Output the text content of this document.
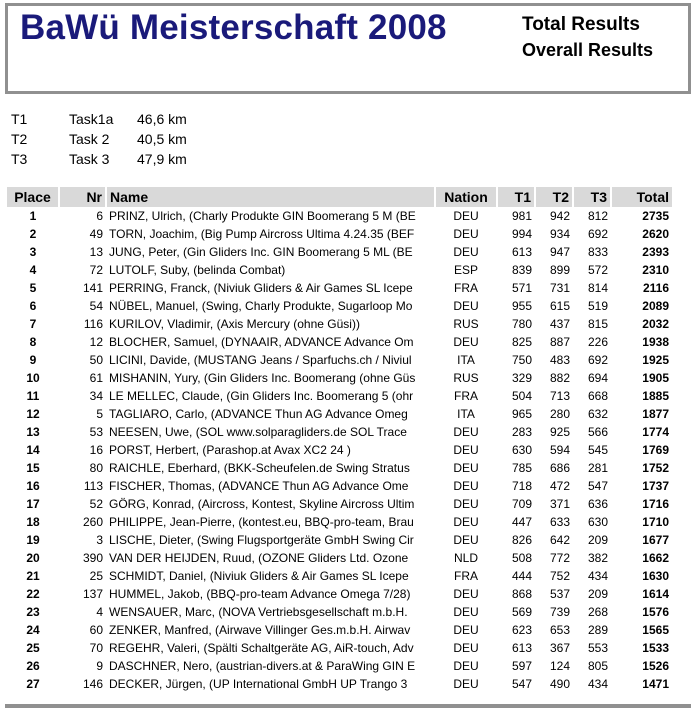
BaWü Meisterschaft 2008	Total Results
Overall Results
T1	Task1a	46,6 km
T2	Task 2	40,5 km
T3	Task 3	47,9 km
Place	Nr	Name	Nation	T1	T2	T3	Total
1	6	PRINZ, Ulrich, (Charly Produkte GIN Boomerang 5 M (BE	DEU	981	942	812	2735
2	49	TORN, Joachim, (Big Pump Aircross Ultima 4.24.35 (BEF	DEU	994	934	692	2620
3	13	JUNG, Peter, (Gin Gliders Inc. GIN Boomerang 5 ML (BE	DEU	613	947	833	2393
4	72	LUTOLF, Suby, (belinda Combat)	ESP	839	899	572	2310
5	141	PERRING, Franck, (Niviuk Gliders & Air Games SL Icepe	FRA	571	731	814	2116
6	54	NÜBEL, Manuel, (Swing, Charly Produkte, Sugarloop Mo	DEU	955	615	519	2089
7	116	KURILOV, Vladimir, (Axis Mercury (ohne Güsi))	RUS	780	437	815	2032
8	12	BLOCHER, Samuel, (DYNAAIR, ADVANCE Advance Om	DEU	825	887	226	1938
9	50	LICINI, Davide, (MUSTANG Jeans / Sparfuchs.ch / Niviul	ITA	750	483	692	1925
10	61	MISHANIN, Yury, (Gin Gliders Inc. Boomerang (ohne Güs	RUS	329	882	694	1905
11	34	LE MELLEC, Claude, (Gin Gliders Inc. Boomerang 5 (ohr	FRA	504	713	668	1885
12	5	TAGLIARO, Carlo, (ADVANCE Thun AG Advance Omeg	ITA	965	280	632	1877
13	53	NEESEN, Uwe, (SOL www.solparagliders.de SOL Trace	DEU	283	925	566	1774
14	16	PORST, Herbert, (Parashop.at Avax XC2 24 )	DEU	630	594	545	1769
15	80	RAICHLE, Eberhard, (BKK-Scheufelen.de Swing Stratus	DEU	785	686	281	1752
16	113	FISCHER, Thomas, (ADVANCE Thun AG Advance Ome	DEU	718	472	547	1737
17	52	GÖRG, Konrad, (Aircross, Kontest, Skyline Aircross Ultim	DEU	709	371	636	1716
18	260	PHILIPPE, Jean-Pierre, (kontest.eu, BBQ-pro-team, Brau	DEU	447	633	630	1710
19	3	LISCHE, Dieter, (Swing Flugsportgeräte GmbH Swing Cir	DEU	826	642	209	1677
20	390	VAN DER HEIJDEN, Ruud, (OZONE Gliders Ltd. Ozone	NLD	508	772	382	1662
21	25	SCHMIDT, Daniel, (Niviuk Gliders & Air Games SL Icepe	FRA	444	752	434	1630
22	137	HUMMEL, Jakob, (BBQ-pro-team Advance Omega 7/28)	DEU	868	537	209	1614
23	4	WENSAUER, Marc, (NOVA Vertriebsgesellschaft m.b.H.	DEU	569	739	268	1576
24	60	ZENKER, Manfred, (Airwave Villinger Ges.m.b.H. Airwav	DEU	623	653	289	1565
25	70	REGEHR, Valeri, (Spälti Schaltgeräte AG, AiR-touch, Adv	DEU	613	367	553	1533
26	9	DASCHNER, Nero, (austrian-divers.at & ParaWing GIN E	DEU	597	124	805	1526
27	146	DECKER, Jürgen, (UP International GmbH UP Trango 3	DEU	547	490	434	1471
